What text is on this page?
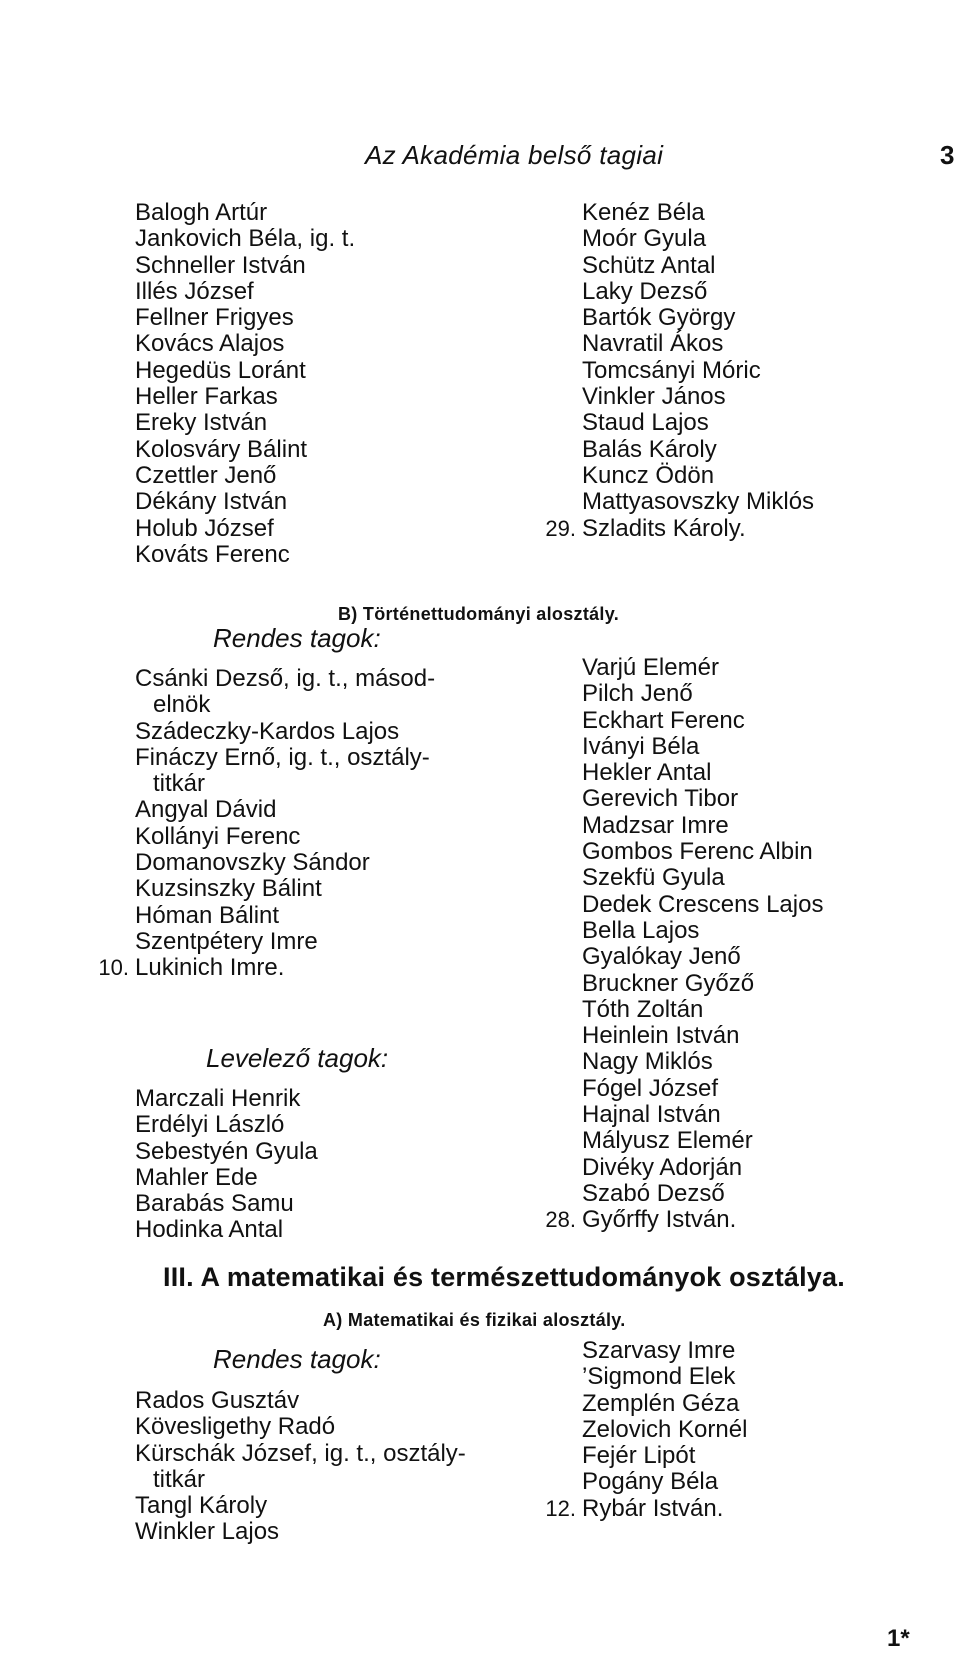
Az Akadémia belső tagiai	3
Balogh Artúr
Jankovich Béla, ig. t.
Schneller István
Illés József
Fellner Frigyes
Kovács Alajos
Hegedüs Loránt
Heller Farkas
Ereky István
Kolosváry Bálint
Czettler Jenő
Dékány István
Holub József
Kováts Ferenc
Kenéz Béla
Moór Gyula
Schütz Antal
Laky Dezső
Bartók György
Navratil Ákos
Tomcsányi Móric
Vinkler János
Staud Lajos
Balás Károly
Kuncz Ödön
Mattyasovszky Miklós
29. Szladits Károly.
B) Történettudományi alosztály.
Rendes tagok:
Csánki Dezső, ig. t., másod-
elnök
Szádeczky-Kardos Lajos
Fináczy Ernő, ig. t., osztály-
titkár
Angyal Dávid
Kollányi Ferenc
Domanovszky Sándor
Kuzsinszky Bálint
Hóman Bálint
Szentpétery Imre
10. Lukinich Imre.
Levelező tagok:
Marczali Henrik
Erdélyi László
Sebestyén Gyula
Mahler Ede
Barabás Samu
Hodinka Antal
Varjú Elemér
Pilch Jenő
Eckhart Ferenc
Iványi Béla
Hekler Antal
Gerevich Tibor
Madzsar Imre
Gombos Ferenc Albin
Szekfü Gyula
Dedek Crescens Lajos
Bella Lajos
Gyalókay Jenő
Bruckner Győző
Tóth Zoltán
Heinlein István
Nagy Miklós
Fógel József
Hajnal István
Mályusz Elemér
Divéky Adorján
Szabó Dezső
28. Győrffy István.
III. A matematikai és természettudományok osztálya.
A) Matematikai és fizikai alosztály.
Rendes tagok:
Rados Gusztáv
Kövesligethy Radó
Kürschák József, ig. t., osztály-
titkár
Tangl Károly
Winkler Lajos
Szarvasy Imre
’Sigmond Elek
Zemplén Géza
Zelovich Kornél
Fejér Lipót
Pogány Béla
12. Rybár István.
1*
